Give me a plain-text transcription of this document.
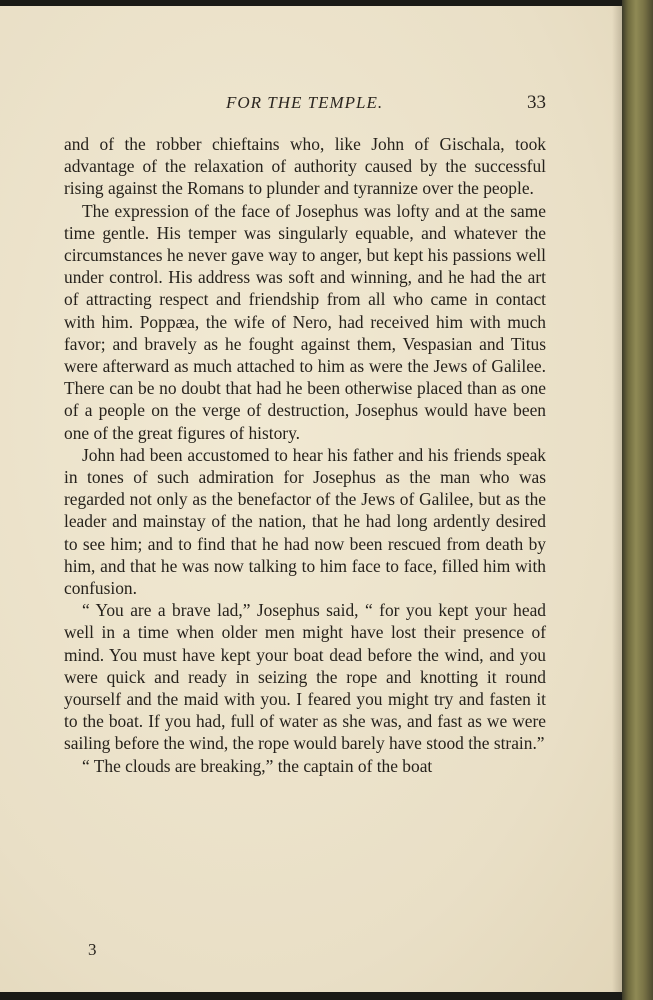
FOR THE TEMPLE.	33

and of the robber chieftains who, like John of Gischala, took advantage of the relaxation of authority caused by the successful rising against the Romans to plunder and tyrannize over the people.

The expression of the face of Josephus was lofty and at the same time gentle. His temper was singularly equable, and whatever the circumstances he never gave way to anger, but kept his passions well under control. His address was soft and winning, and he had the art of attracting respect and friendship from all who came in contact with him. Poppæa, the wife of Nero, had received him with much favor; and bravely as he fought against them, Vespasian and Titus were afterward as much attached to him as were the Jews of Galilee. There can be no doubt that had he been otherwise placed than as one of a people on the verge of destruction, Josephus would have been one of the great figures of history.

John had been accustomed to hear his father and his friends speak in tones of such admiration for Josephus as the man who was regarded not only as the benefactor of the Jews of Galilee, but as the leader and mainstay of the nation, that he had long ardently desired to see him; and to find that he had now been rescued from death by him, and that he was now talking to him face to face, filled him with confusion.

“ You are a brave lad,” Josephus said, “ for you kept your head well in a time when older men might have lost their presence of mind. You must have kept your boat dead before the wind, and you were quick and ready in seizing the rope and knotting it round yourself and the maid with you. I feared you might try and fasten it to the boat. If you had, full of water as she was, and fast as we were sailing before the wind, the rope would barely have stood the strain.”

“ The clouds are breaking,” the captain of the boat

3
